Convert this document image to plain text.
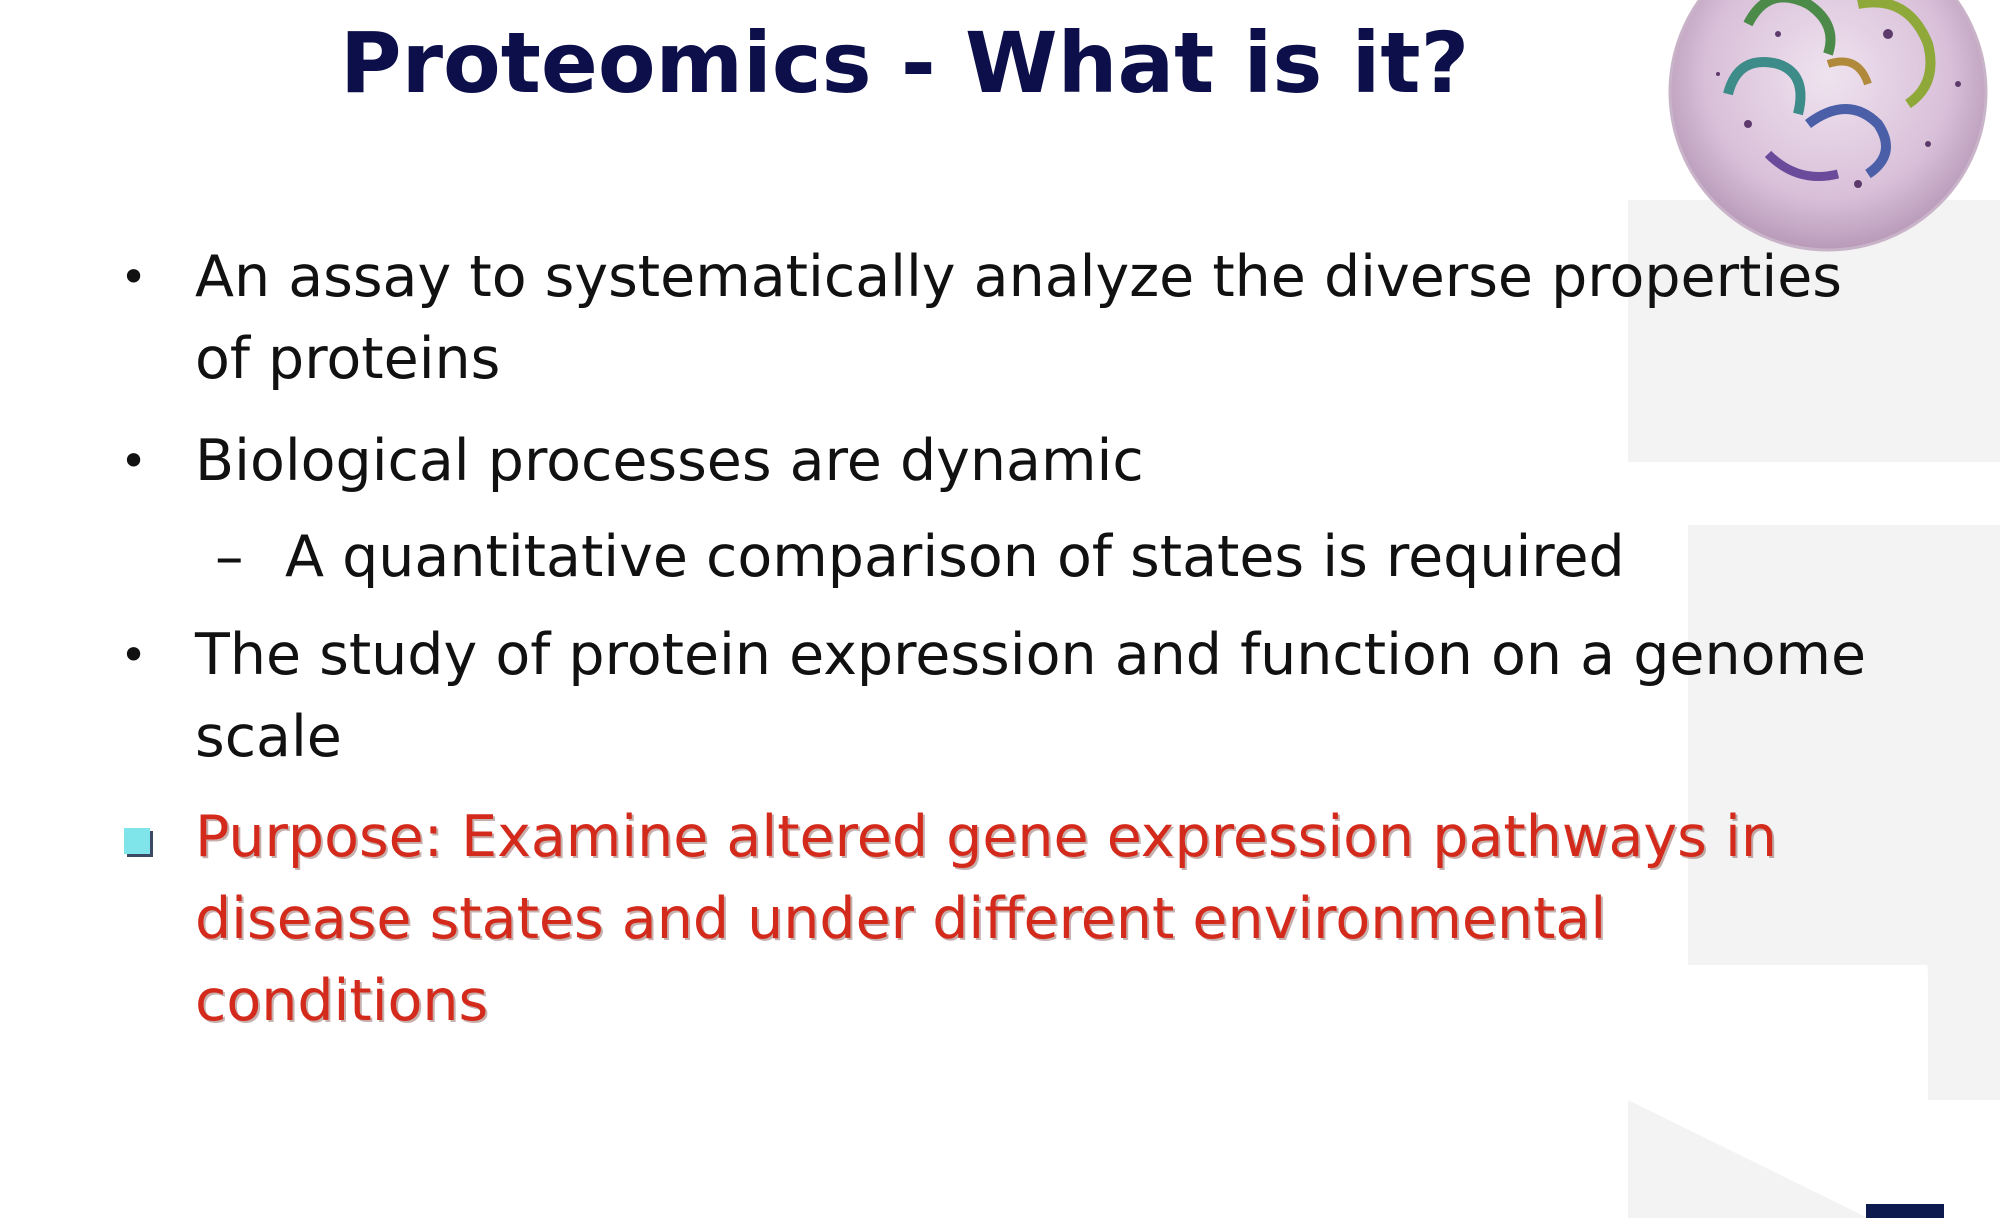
Proteomics - What is it?

• An assay to systematically analyze the diverse properties of proteins

• Biological processes are dynamic

– A quantitative comparison of states is required

• The study of protein expression and function on a genome scale

Purpose: Examine altered gene expression pathways in disease states and under different environmental conditions
